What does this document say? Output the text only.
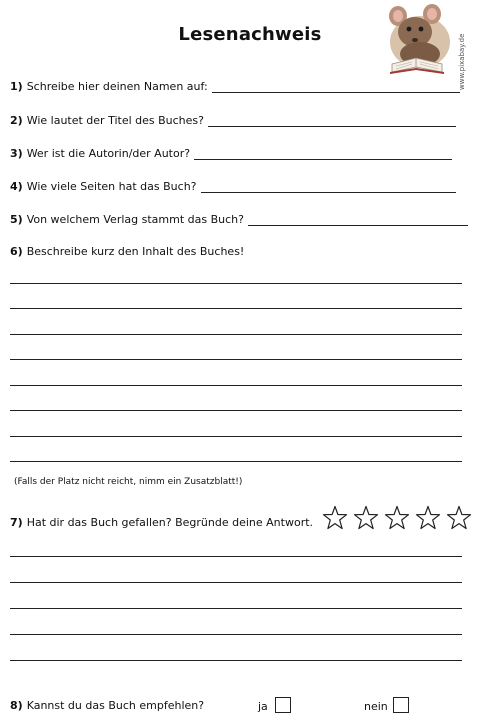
Lesenachweis	www.pixabay.de
1) Schreibe hier deinen Namen auf:
2) Wie lautet der Titel des Buches?
3) Wer ist die Autorin/der Autor?
4) Wie viele Seiten hat das Buch?
5) Von welchem Verlag stammt das Buch?
6) Beschreibe kurz den Inhalt des Buches!
(Falls der Platz nicht reicht, nimm ein Zusatzblatt!)
7) Hat dir das Buch gefallen? Begründe deine Antwort.
8) Kannst du das Buch empfehlen?	ja	nein
